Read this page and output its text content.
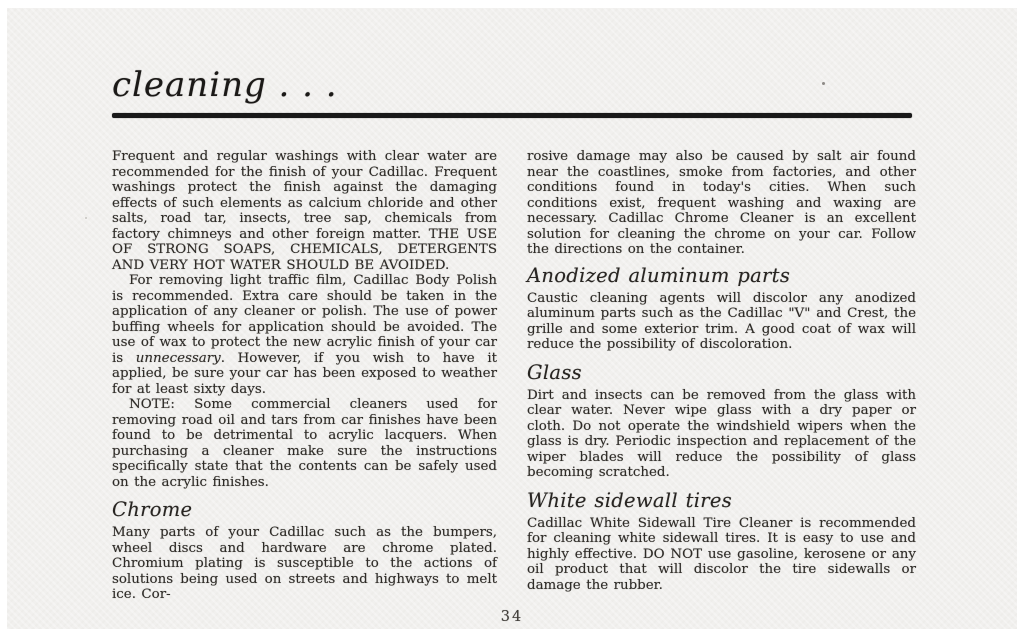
cleaning . . .

Frequent and regular washings with clear water are recommended for the finish of your Cadillac. Frequent washings protect the finish against the damaging effects of such elements as calcium chloride and other salts, road tar, insects, tree sap, chemicals from factory chimneys and other foreign matter. THE USE OF STRONG SOAPS, CHEMICALS, DETERGENTS AND VERY HOT WATER SHOULD BE AVOIDED.

For removing light traffic film, Cadillac Body Polish is recommended. Extra care should be taken in the application of any cleaner or polish. The use of power buffing wheels for application should be avoided. The use of wax to protect the new acrylic finish of your car is unnecessary. However, if you wish to have it applied, be sure your car has been exposed to weather for at least sixty days.

NOTE: Some commercial cleaners used for removing road oil and tars from car finishes have been found to be detrimental to acrylic lacquers. When purchasing a cleaner make sure the instructions specifically state that the contents can be safely used on the acrylic finishes.

Chrome

Many parts of your Cadillac such as the bumpers, wheel discs and hardware are chrome plated. Chromium plating is susceptible to the actions of solutions being used on streets and highways to melt ice. Cor-

rosive damage may also be caused by salt air found near the coastlines, smoke from factories, and other conditions found in today's cities. When such conditions exist, frequent washing and waxing are necessary. Cadillac Chrome Cleaner is an excellent solution for cleaning the chrome on your car. Follow the directions on the container.

Anodized aluminum parts

Caustic cleaning agents will discolor any anodized aluminum parts such as the Cadillac "V" and Crest, the grille and some exterior trim. A good coat of wax will reduce the possibility of discoloration.

Glass

Dirt and insects can be removed from the glass with clear water. Never wipe glass with a dry paper or cloth. Do not operate the windshield wipers when the glass is dry. Periodic inspection and replacement of the wiper blades will reduce the possibility of glass becoming scratched.

White sidewall tires

Cadillac White Sidewall Tire Cleaner is recommended for cleaning white sidewall tires. It is easy to use and highly effective. DO NOT use gasoline, kerosene or any oil product that will discolor the tire sidewalls or damage the rubber.

34
